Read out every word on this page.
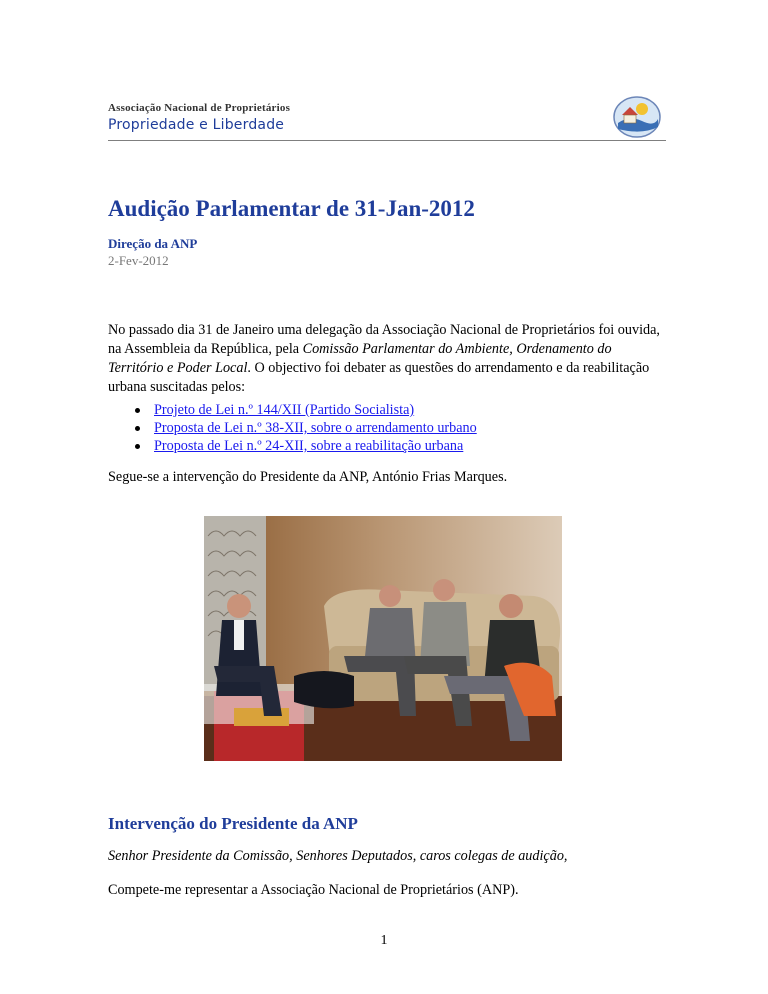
Associação Nacional de Proprietários
Propriedade e Liberdade
Audição Parlamentar de 31-Jan-2012
Direção da ANP
2-Fev-2012

No passado dia 31 de Janeiro uma delegação da Associação Nacional de Proprietários foi ouvida, na Assembleia da República, pela Comissão Parlamentar do Ambiente, Ordenamento do Território e Poder Local. O objectivo foi debater as questões do arrendamento e da reabilitação urbana suscitadas pelos:

Projeto de Lei n.º 144/XII (Partido Socialista)
Proposta de Lei n.º 38-XII, sobre o arrendamento urbano
Proposta de Lei n.º 24-XII, sobre a reabilitação urbana

Segue-se a intervenção do Presidente da ANP, António Frias Marques.

Intervenção do Presidente da ANP

Senhor Presidente da Comissão, Senhores Deputados, caros colegas de audição,

Compete-me representar a Associação Nacional de Proprietários (ANP).

1
